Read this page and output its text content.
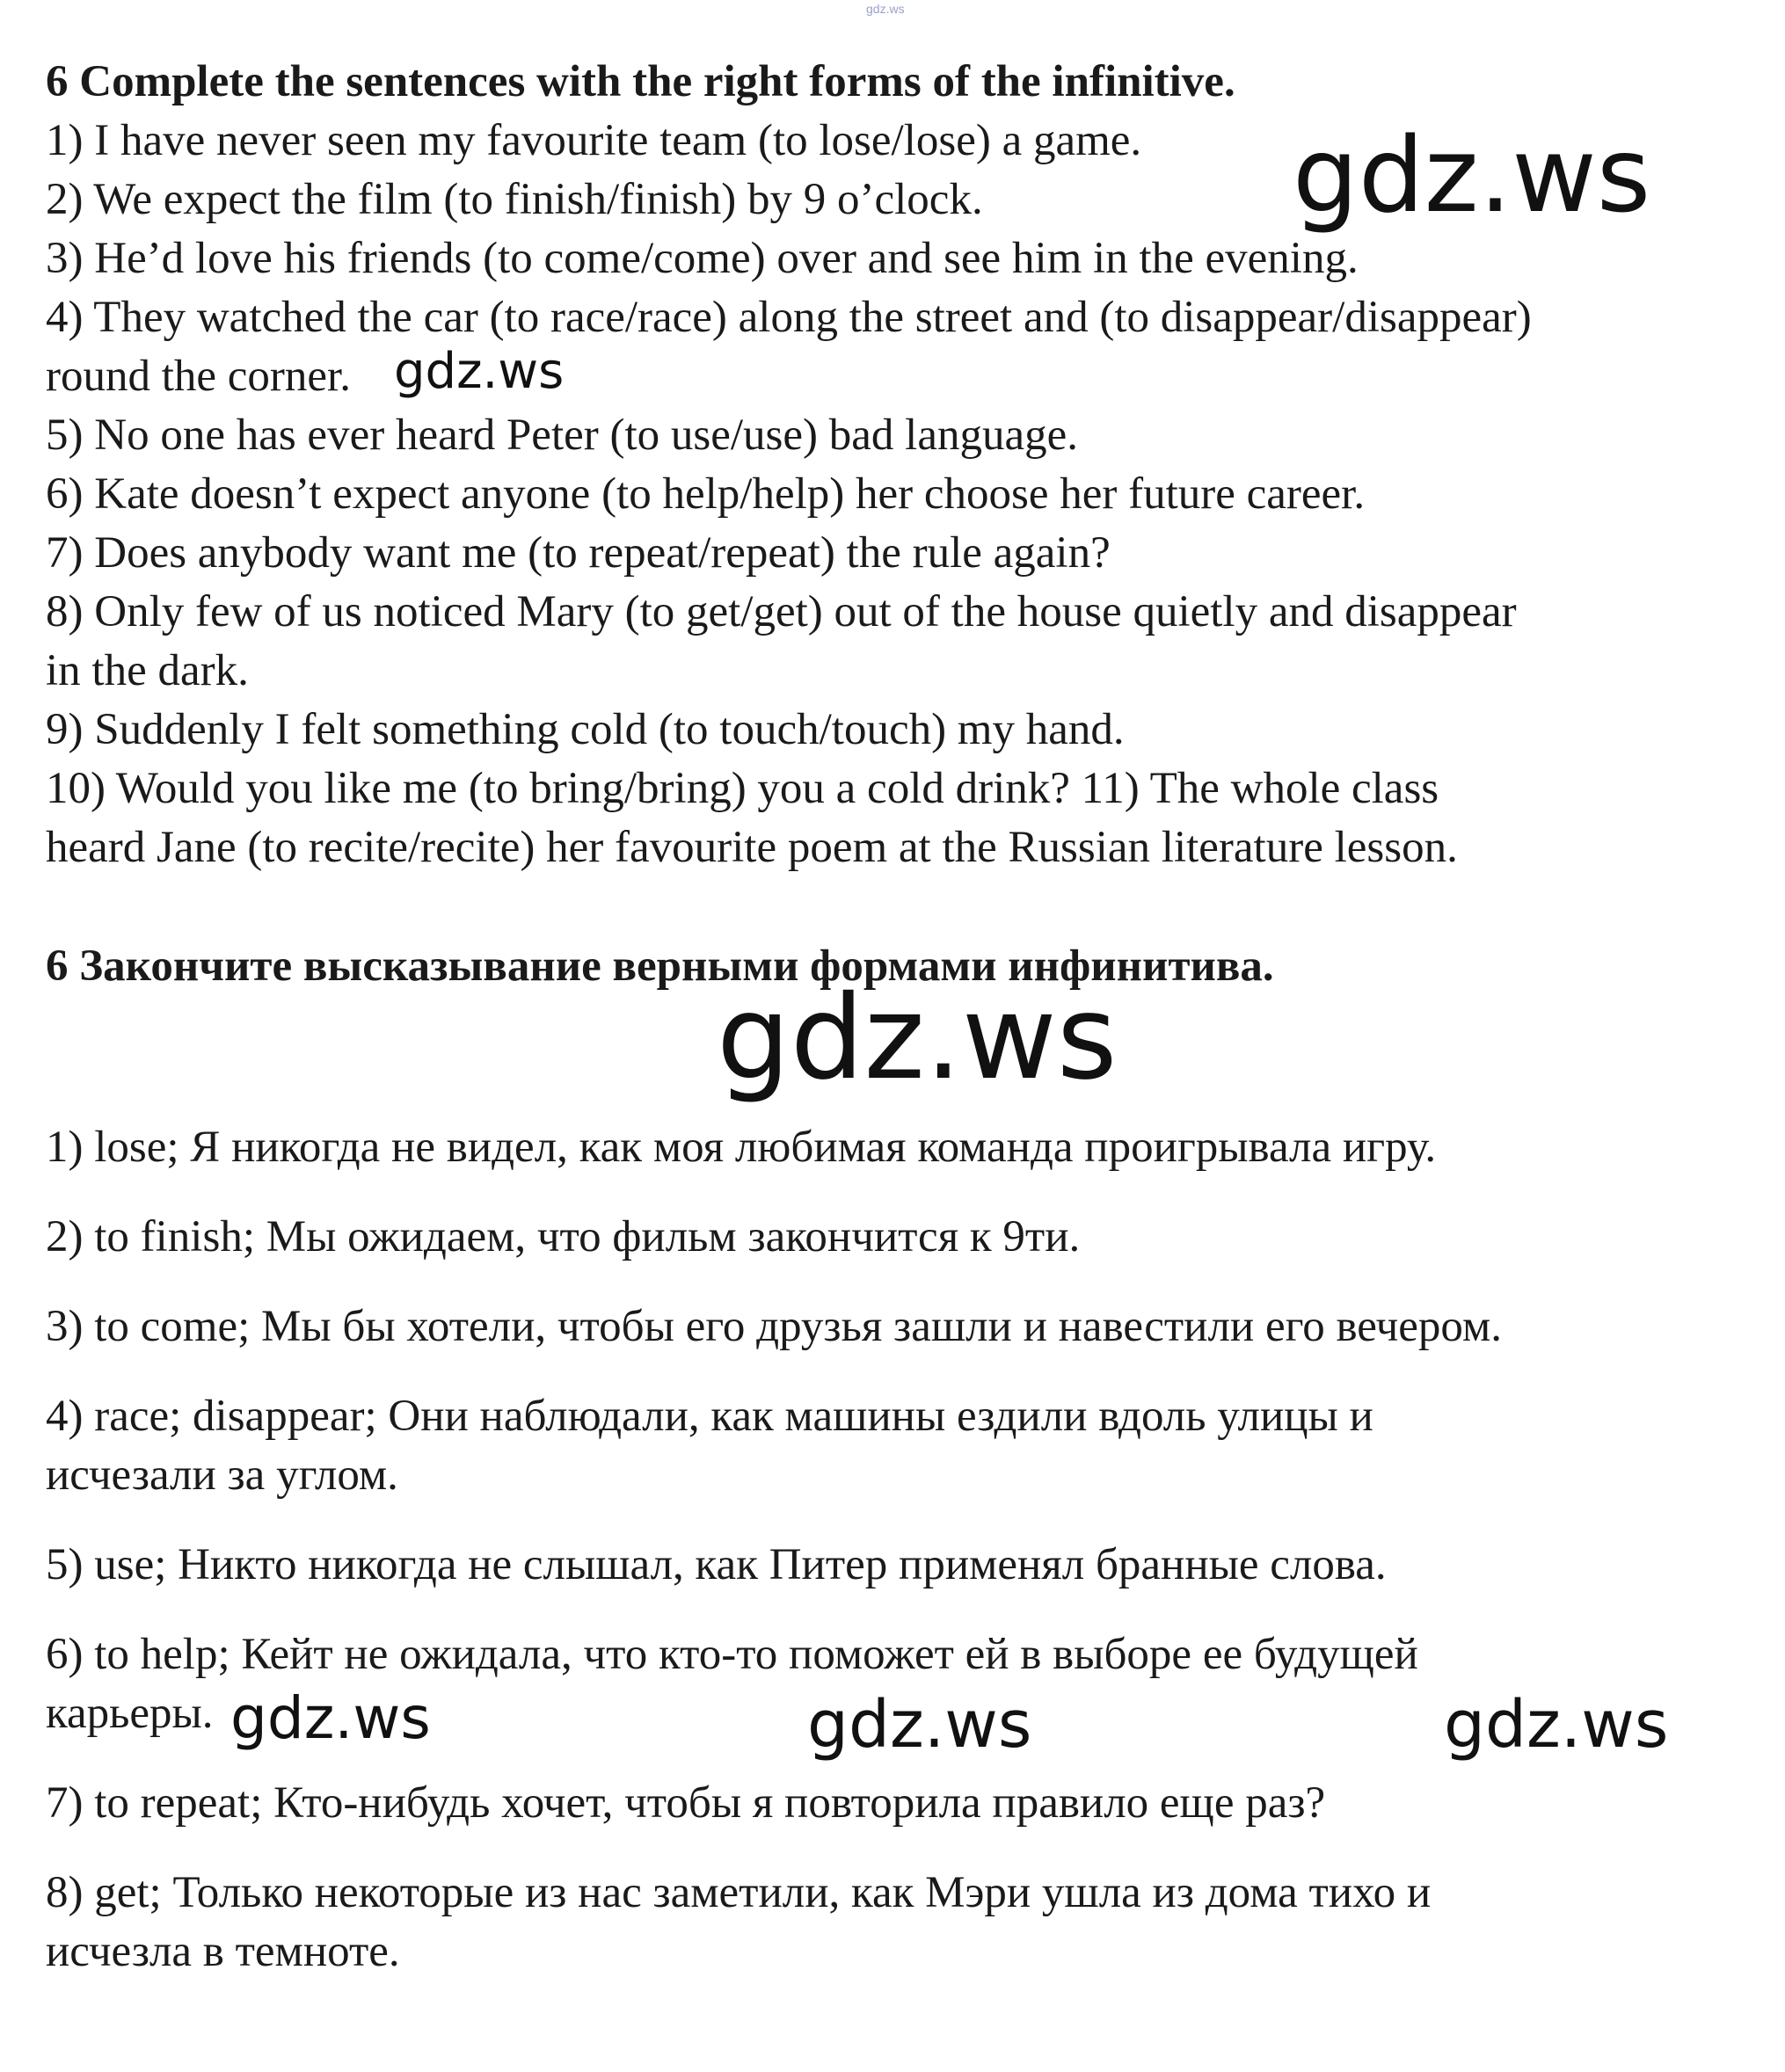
gdz.ws
6 Complete the sentences with the right forms of the infinitive.
1) I have never seen my favourite team (to lose/lose) a game.
2) We expect the film (to finish/finish) by 9 o’clock.
3) He’d love his friends (to come/come) over and see him in the evening.
4) They watched the car (to race/race) along the street and (to disappear/disappear)
round the corner.
5) No one has ever heard Peter (to use/use) bad language.
6) Kate doesn’t expect anyone (to help/help) her choose her future career.
7) Does anybody want me (to repeat/repeat) the rule again?
8) Only few of us noticed Mary (to get/get) out of the house quietly and disappear
in the dark.
9) Suddenly I felt something cold (to touch/touch) my hand.
10) Would you like me (to bring/bring) you a cold drink? 11) The whole class
heard Jane (to recite/recite) her favourite poem at the Russian literature lesson.
6 Закончите высказывание верными формами инфинитива.
1) lose; Я никогда не видел, как моя любимая команда проигрывала игру.
2) to finish; Мы ожидаем, что фильм закончится к 9ти.
3) to come; Мы бы хотели, чтобы его друзья зашли и навестили его вечером.
4) race; disappear; Они наблюдали, как машины ездили вдоль улицы и
исчезали за углом.
5) use; Никто никогда не слышал, как Питер применял бранные слова.
6) to help; Кейт не ожидала, что кто-то поможет ей в выборе ее будущей
карьеры.
7) to repeat; Кто-нибудь хочет, чтобы я повторила правило еще раз?
8) get; Только некоторые из нас заметили, как Мэри ушла из дома тихо и
исчезла в темноте.
gdz.ws
gdz.ws
gdz.ws
gdz.ws	gdz.ws	gdz.ws
